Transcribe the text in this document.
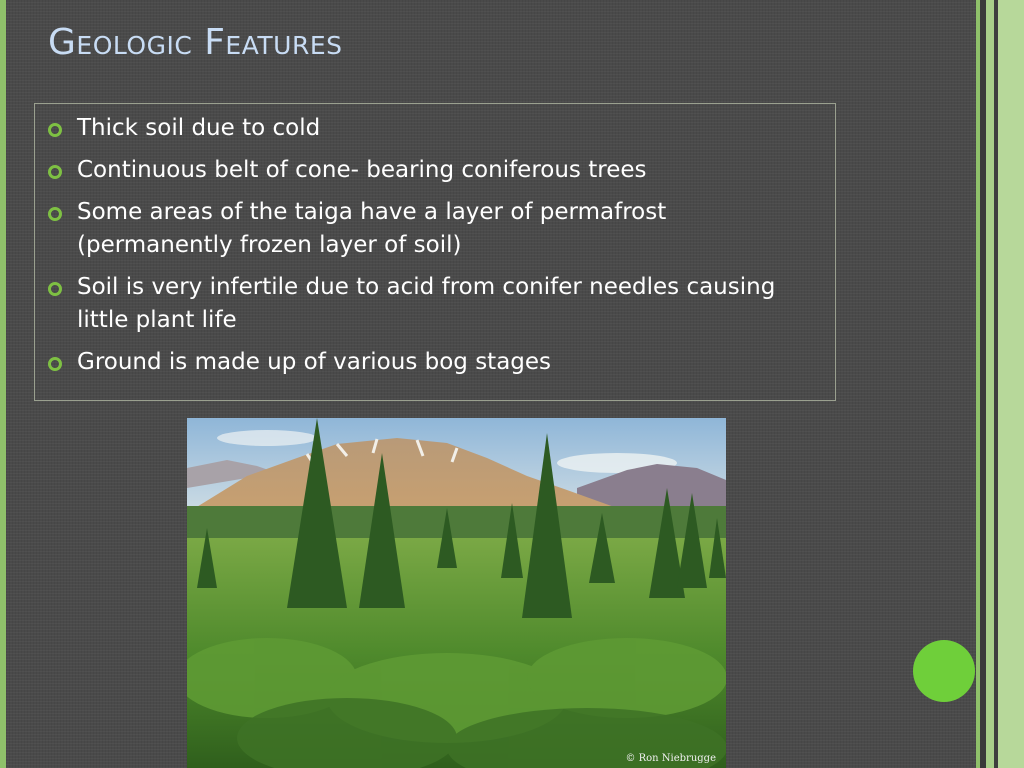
Geologic Features
Thick soil due to cold
Continuous belt of cone- bearing coniferous trees
Some areas of the taiga have a layer of permafrost (permanently frozen layer of soil)
Soil is very infertile due to acid from conifer needles causing little plant life
Ground is made up of various bog stages
© Ron Niebrugge
